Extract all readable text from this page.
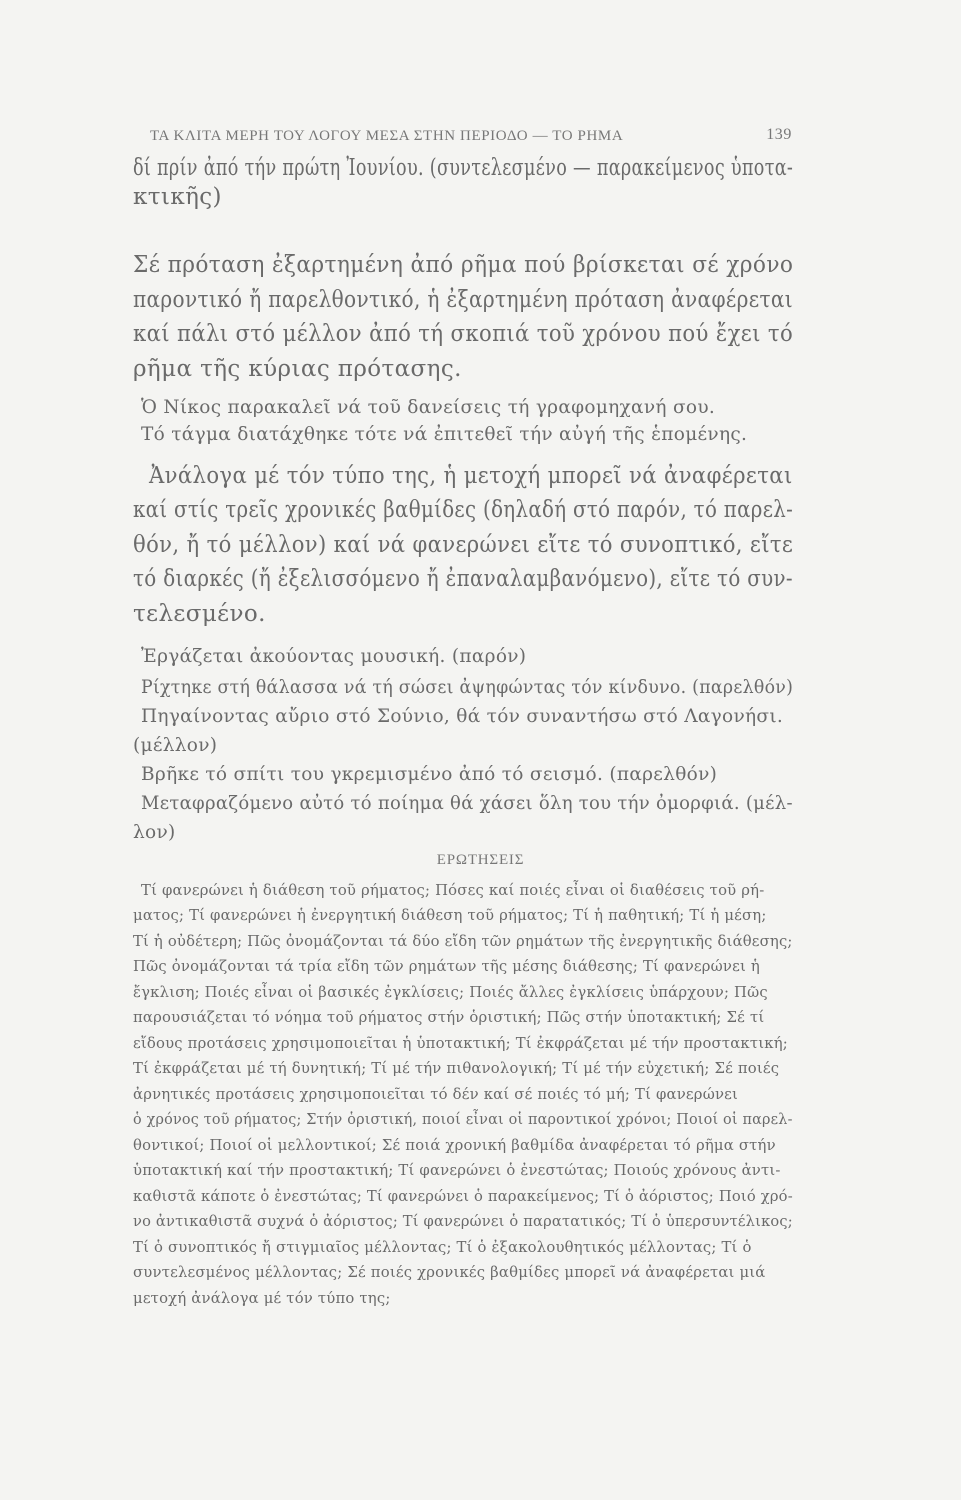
ΤΑ ΚΛΙΤΑ ΜΕΡΗ ΤΟΥ ΛΟΓΟΥ ΜΕΣΑ ΣΤΗΝ ΠΕΡΙΟΔΟ — ΤΟ ΡΗΜΑ	139
δί πρίν ἀπό τήν πρώτη Ἰουνίου. (συντελεσμένο — παρακείμενος ὑποτα-
κτικῆς)
Σέ πρόταση ἐξαρτημένη ἀπό ρῆμα πού βρίσκεται σέ χρόνο
παροντικό ἤ παρελθοντικό, ἡ ἐξαρτημένη πρόταση ἀναφέρεται
καί πάλι στό μέλλον ἀπό τή σκοπιά τοῦ χρόνου πού ἔχει τό
ρῆμα τῆς κύριας πρότασης.
Ὁ Νίκος παρακαλεῖ νά τοῦ δανείσεις τή γραφομηχανή σου.
Τό τάγμα διατάχθηκε τότε νά ἐπιτεθεῖ τήν αὐγή τῆς ἑπομένης.
Ἀνάλογα μέ τόν τύπο της, ἡ μετοχή μπορεῖ νά ἀναφέρεται
καί στίς τρεῖς χρονικές βαθμίδες (δηλαδή στό παρόν, τό παρελ-
θόν, ἤ τό μέλλον) καί νά φανερώνει εἴτε τό συνοπτικό, εἴτε
τό διαρκές (ἤ ἐξελισσόμενο ἤ ἐπαναλαμβανόμενο), εἴτε τό συν-
τελεσμένο.
Ἐργάζεται ἀκούοντας μουσική. (παρόν)
Ρίχτηκε στή θάλασσα νά τή σώσει ἀψηφώντας τόν κίνδυνο. (παρελθόν)
Πηγαίνοντας αὔριο στό Σούνιο, θά τόν συναντήσω στό Λαγονήσι.
(μέλλον)
Βρῆκε τό σπίτι του γκρεμισμένο ἀπό τό σεισμό. (παρελθόν)
Μεταφραζόμενο αὐτό τό ποίημα θά χάσει ὅλη του τήν ὀμορφιά. (μέλ-
λον)
ΕΡΩΤΗΣΕΙΣ
Τί φανερώνει ἡ διάθεση τοῦ ρήματος; Πόσες καί ποιές εἶναι οἱ διαθέσεις τοῦ ρή-
ματος; Τί φανερώνει ἡ ἐνεργητική διάθεση τοῦ ρήματος; Τί ἡ παθητική; Τί ἡ μέση;
Τί ἡ οὐδέτερη; Πῶς ὀνομάζονται τά δύο εἴδη τῶν ρημάτων τῆς ἐνεργητικῆς διάθεσης;
Πῶς ὀνομάζονται τά τρία εἴδη τῶν ρημάτων τῆς μέσης διάθεσης; Τί φανερώνει ἡ
ἔγκλιση; Ποιές εἶναι οἱ βασικές ἐγκλίσεις; Ποιές ἄλλες ἐγκλίσεις ὑπάρχουν; Πῶς
παρουσιάζεται τό νόημα τοῦ ρήματος στήν ὁριστική; Πῶς στήν ὑποτακτική; Σέ τί
εἴδους προτάσεις χρησιμοποιεῖται ἡ ὑποτακτική; Τί ἐκφράζεται μέ τήν προστακτική;
Τί ἐκφράζεται μέ τή δυνητική; Τί μέ τήν πιθανολογική; Τί μέ τήν εὐχετική; Σέ ποιές
ἀρνητικές προτάσεις χρησιμοποιεῖται τό δέν καί σέ ποιές τό μή; Τί φανερώνει
ὁ χρόνος τοῦ ρήματος; Στήν ὁριστική, ποιοί εἶναι οἱ παροντικοί χρόνοι; Ποιοί οἱ παρελ-
θοντικοί; Ποιοί οἱ μελλοντικοί; Σέ ποιά χρονική βαθμίδα ἀναφέρεται τό ρῆμα στήν
ὑποτακτική καί τήν προστακτική; Τί φανερώνει ὁ ἐνεστώτας; Ποιούς χρόνους ἀντι-
καθιστᾶ κάποτε ὁ ἐνεστώτας; Τί φανερώνει ὁ παρακείμενος; Τί ὁ ἀόριστος; Ποιό χρό-
νο ἀντικαθιστᾶ συχνά ὁ ἀόριστος; Τί φανερώνει ὁ παρατατικός; Τί ὁ ὑπερσυντέλικος;
Τί ὁ συνοπτικός ἤ στιγμιαῖος μέλλοντας; Τί ὁ ἐξακολουθητικός μέλλοντας; Τί ὁ
συντελεσμένος μέλλοντας; Σέ ποιές χρονικές βαθμίδες μπορεῖ νά ἀναφέρεται μιά
μετοχή ἀνάλογα μέ τόν τύπο της;
